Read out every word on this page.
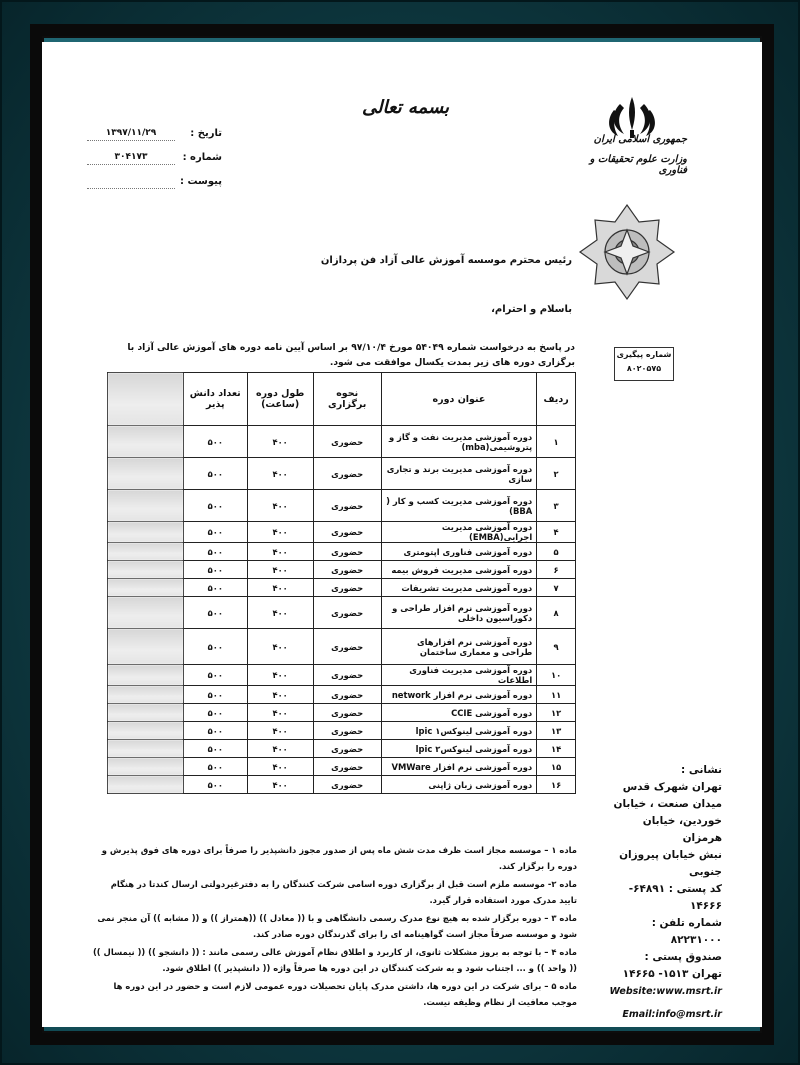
جمهوری اسلامی ایران
وزارت علوم تحقیقات و فناوری
بسمه تعالی
تاریخ :
۱۳۹۷/۱۱/۲۹
شماره :
۳۰۴۱۷۳
پیوست :
شماره پیگیری
۸۰۲۰۵۷۵
رئیس محترم موسسه آموزش عالی آزاد فن پردازان
باسلام و احترام،
در پاسخ به درخواست شماره ۵۴۰۴۹ مورخ ۹۷/۱۰/۴ بر اساس آیین نامه دوره های آموزش عالی آزاد با برگزاری دوره های زیر بمدت یکسال موافقت می شود.
ردیف	عنوان دوره	نحوه برگزاری	طول دوره (ساعت)	تعداد دانش پذیر	
۱	دوره آموزشی مدیریت نفت و گاز و پتروشیمی(mba)	حضوری	۴۰۰	۵۰۰	
۲	دوره آموزشی مدیریت برند و تجاری سازی	حضوری	۴۰۰	۵۰۰	
۳	دوره آموزشی مدیریت کسب و کار ( BBA)	حضوری	۴۰۰	۵۰۰	
۴	دوره آموزشی مدیریت اجرایی(EMBA)	حضوری	۴۰۰	۵۰۰	
۵	دوره آموزشی فناوری اپتومتری	حضوری	۴۰۰	۵۰۰	
۶	دوره آموزشی مدیریت فروش بیمه	حضوری	۴۰۰	۵۰۰	
۷	دوره آموزشی مدیریت تشریفات	حضوری	۴۰۰	۵۰۰	
۸	دوره آموزشی نرم افزار طراحی و دکوراسیون داخلی	حضوری	۴۰۰	۵۰۰	
۹	دوره آموزشی نرم افزارهای طراحی و معماری ساختمان	حضوری	۴۰۰	۵۰۰	
۱۰	دوره آموزشی مدیریت فناوری اطلاعات	حضوری	۴۰۰	۵۰۰	
۱۱	دوره آموزشی نرم افزار network	حضوری	۴۰۰	۵۰۰	
۱۲	دوره آموزشی CCIE	حضوری	۴۰۰	۵۰۰	
۱۳	دوره آموزشی لینوکس۱ lpic	حضوری	۴۰۰	۵۰۰	
۱۴	دوره آموزشی لینوکس۲ lpic	حضوری	۴۰۰	۵۰۰	
۱۵	دوره آموزشی نرم افزار VMWare	حضوری	۴۰۰	۵۰۰	
۱۶	دوره آموزشی زبان ژاپنی	حضوری	۴۰۰	۵۰۰	

ماده ۱ – موسسه مجاز است ظرف مدت شش ماه پس از صدور مجوز دانشپذیر را صرفاً برای دوره های فوق پذیرش و دوره را برگزار کند.

ماده ۲- موسسه ملزم است قبل از برگزاری دوره اسامی شرکت کنندگان را به دفترغیردولتی ارسال کندتا در هنگام تایید مدرک مورد استفاده قرار گیرد.

ماده ۳ – دوره برگزار شده به هیچ نوع مدرک رسمی دانشگاهی و با (( معادل )) ((همتراز )) و (( مشابه )) آن منجر نمی شود و موسسه صرفاً مجاز است گواهینامه ای را برای گذرندگان دوره صادر کند.

ماده ۴ – با توجه به بروز مشکلات ثانوی، از کاربرد و اطلاق نظام آموزش عالی رسمی مانند : (( دانشجو )) (( نیمسال )) (( واحد )) و ... اجتناب شود و به شرکت کنندگان در این دوره ها صرفاً واژه (( دانشپذیر )) اطلاق شود.

ماده ۵ – برای شرکت در این دوره ها، داشتن مدرک پایان تحصیلات دوره عمومی لازم است و حضور در این دوره ها موجب معافیت از نظام وظیفه نیست.

نشانی :
تهران شهرک قدس
میدان صنعت ، خیابان
خوردین، خیابان هرمزان
نبش خیابان پیروزان جنوبی
کد پستی : ۶۴۸۹۱- ۱۴۶۶۶
شماره تلفن : ۸۲۲۳۱۰۰۰
صندوق پستی :
تهران ۱۵۱۳- ۱۴۶۶۵
Website:www.msrt.ir
Email:info@msrt.ir
